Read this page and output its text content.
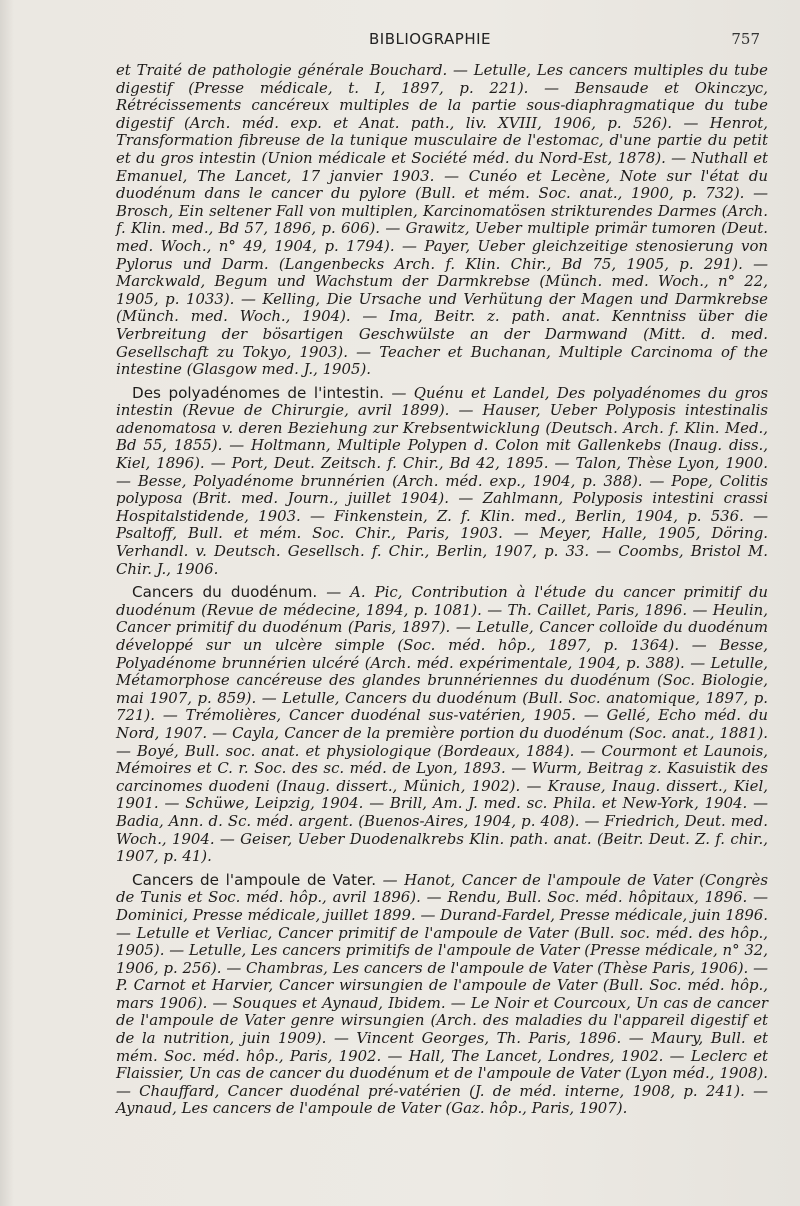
BIBLIOGRAPHIE	757

et Traité de pathologie générale Bouchard. — Letulle, Les cancers multiples du tube digestif (Presse médicale, t. I, 1897, p. 221). — Bensaude et Okinczyc, Rétrécissements cancéreux multiples de la partie sous-diaphragmatique du tube digestif (Arch. méd. exp. et Anat. path., liv. XVIII, 1906, p. 526). — Henrot, Transformation fibreuse de la tunique musculaire de l'estomac, d'une partie du petit et du gros intestin (Union médicale et Société méd. du Nord-Est, 1878). — Nuthall et Emanuel, The Lancet, 17 janvier 1903. — Cunéo et Lecène, Note sur l'état du duodénum dans le cancer du pylore (Bull. et mém. Soc. anat., 1900, p. 732). — Brosch, Ein seltener Fall von multiplen, Karcinomatösen strikturendes Darmes (Arch. f. Klin. med., Bd 57, 1896, p. 606). — Grawitz, Ueber multiple primär tumoren (Deut. med. Woch., n° 49, 1904, p. 1794). — Payer, Ueber gleichzeitige stenosierung von Pylorus und Darm. (Langenbecks Arch. f. Klin. Chir., Bd 75, 1905, p. 291). — Marckwald, Begum und Wachstum der Darmkrebse (Münch. med. Woch., n° 22, 1905, p. 1033). — Kelling, Die Ursache und Verhütung der Magen und Darmkrebse (Münch. med. Woch., 1904). — Ima, Beitr. z. path. anat. Kenntniss über die Verbreitung der bösartigen Geschwülste an der Darmwand (Mitt. d. med. Gesellschaft zu Tokyo, 1903). — Teacher et Buchanan, Multiple Carcinoma of the intestine (Glasgow med. J., 1905).

Des polyadénomes de l'intestin. — Quénu et Landel, Des polyadénomes du gros intestin (Revue de Chirurgie, avril 1899). — Hauser, Ueber Polyposis intestinalis adenomatosa v. deren Beziehung zur Krebsentwicklung (Deutsch. Arch. f. Klin. Med., Bd 55, 1855). — Holtmann, Multiple Polypen d. Colon mit Gallenkebs (Inaug. diss., Kiel, 1896). — Port, Deut. Zeitsch. f. Chir., Bd 42, 1895. — Talon, Thèse Lyon, 1900. — Besse, Polyadénome brunnérien (Arch. méd. exp., 1904, p. 388). — Pope, Colitis polyposa (Brit. med. Journ., juillet 1904). — Zahlmann, Polyposis intestini crassi Hospitalstidende, 1903. — Finkenstein, Z. f. Klin. med., Berlin, 1904, p. 536. — Psaltoff, Bull. et mém. Soc. Chir., Paris, 1903. — Meyer, Halle, 1905, Döring. Verhandl. v. Deutsch. Gesellsch. f. Chir., Berlin, 1907, p. 33. — Coombs, Bristol M. Chir. J., 1906.

Cancers du duodénum. — A. Pic, Contribution à l'étude du cancer primitif du duodénum (Revue de médecine, 1894, p. 1081). — Th. Caillet, Paris, 1896. — Heulin, Cancer primitif du duodénum (Paris, 1897). — Letulle, Cancer colloïde du duodénum développé sur un ulcère simple (Soc. méd. hôp., 1897, p. 1364). — Besse, Polyadénome brunnérien ulcéré (Arch. méd. expérimentale, 1904, p. 388). — Letulle, Métamorphose cancéreuse des glandes brunnériennes du duodénum (Soc. Biologie, mai 1907, p. 859). — Letulle, Cancers du duodénum (Bull. Soc. anatomique, 1897, p. 721). — Trémolières, Cancer duodénal sus-vatérien, 1905. — Gellé, Echo méd. du Nord, 1907. — Cayla, Cancer de la première portion du duodénum (Soc. anat., 1881). — Boyé, Bull. soc. anat. et physiologique (Bordeaux, 1884). — Courmont et Launois, Mémoires et C. r. Soc. des sc. méd. de Lyon, 1893. — Wurm, Beitrag z. Kasuistik des carcinomes duodeni (Inaug. dissert., Münich, 1902). — Krause, Inaug. dissert., Kiel, 1901. — Schüwe, Leipzig, 1904. — Brill, Am. J. med. sc. Phila. et New-York, 1904. — Badia, Ann. d. Sc. méd. argent. (Buenos-Aires, 1904, p. 408). — Friedrich, Deut. med. Woch., 1904. — Geiser, Ueber Duodenalkrebs Klin. path. anat. (Beitr. Deut. Z. f. chir., 1907, p. 41).

Cancers de l'ampoule de Vater. — Hanot, Cancer de l'ampoule de Vater (Congrès de Tunis et Soc. méd. hôp., avril 1896). — Rendu, Bull. Soc. méd. hôpitaux, 1896. — Dominici, Presse médicale, juillet 1899. — Durand-Fardel, Presse médicale, juin 1896. — Letulle et Verliac, Cancer primitif de l'ampoule de Vater (Bull. soc. méd. des hôp., 1905). — Letulle, Les cancers primitifs de l'ampoule de Vater (Presse médicale, n° 32, 1906, p. 256). — Chambras, Les cancers de l'ampoule de Vater (Thèse Paris, 1906). — P. Carnot et Harvier, Cancer wirsungien de l'ampoule de Vater (Bull. Soc. méd. hôp., mars 1906). — Souques et Aynaud, Ibidem. — Le Noir et Courcoux, Un cas de cancer de l'ampoule de Vater genre wirsungien (Arch. des maladies du l'appareil digestif et de la nutrition, juin 1909). — Vincent Georges, Th. Paris, 1896. — Maury, Bull. et mém. Soc. méd. hôp., Paris, 1902. — Hall, The Lancet, Londres, 1902. — Leclerc et Flaissier, Un cas de cancer du duodénum et de l'ampoule de Vater (Lyon méd., 1908). — Chauffard, Cancer duodénal pré-vatérien (J. de méd. interne, 1908, p. 241). — Aynaud, Les cancers de l'ampoule de Vater (Gaz. hôp., Paris, 1907).
